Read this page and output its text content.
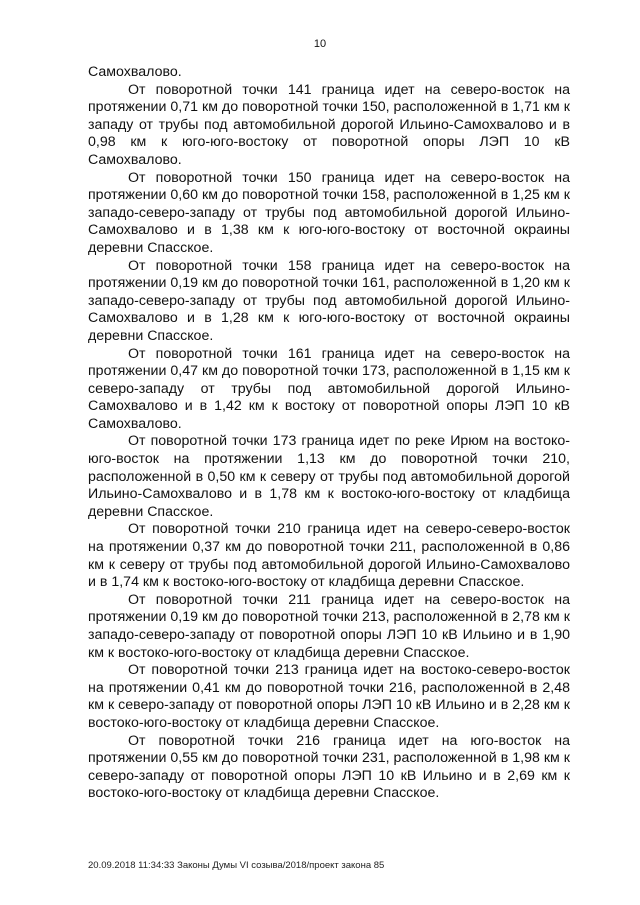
10

Самохвалово.

От поворотной точки 141 граница идет на северо-восток на протяжении 0,71 км до поворотной точки 150, расположенной в 1,71 км к западу от трубы под автомобильной дорогой Ильино-Самохвалово и в 0,98 км к юго-юго-востоку от поворотной опоры ЛЭП 10 кВ Самохвалово.

От поворотной точки 150 граница идет на северо-восток на протяжении 0,60 км до поворотной точки 158, расположенной в 1,25 км к западо-северо-западу от трубы под автомобильной дорогой Ильино-Самохвалово и в 1,38 км к юго-юго-востоку от восточной окраины деревни Спасское.

От поворотной точки 158 граница идет на северо-восток на протяжении 0,19 км до поворотной точки 161, расположенной в 1,20 км к западо-северо-западу от трубы под автомобильной дорогой Ильино-Самохвалово и в 1,28 км к юго-юго-востоку от восточной окраины деревни Спасское.

От поворотной точки 161 граница идет на северо-восток на протяжении 0,47 км до поворотной точки 173, расположенной в 1,15 км к северо-западу от трубы под автомобильной дорогой Ильино-Самохвалово и в 1,42 км к востоку от поворотной опоры ЛЭП 10 кВ Самохвалово.

От поворотной точки 173 граница идет по реке Ирюм на востоко-юго-восток на протяжении 1,13 км до поворотной точки 210, расположенной в 0,50 км к северу от трубы под автомобильной дорогой Ильино-Самохвалово и в 1,78 км к востоко-юго-востоку от кладбища деревни Спасское.

От поворотной точки 210 граница идет на северо-северо-восток на протяжении 0,37 км до поворотной точки 211, расположенной в 0,86 км к северу от трубы под автомобильной дорогой Ильино-Самохвалово и в 1,74 км к востоко-юго-востоку от кладбища деревни Спасское.

От поворотной точки 211 граница идет на северо-восток на протяжении 0,19 км до поворотной точки 213, расположенной в 2,78 км к западо-северо-западу от поворотной опоры ЛЭП 10 кВ Ильино и в 1,90 км к востоко-юго-востоку от кладбища деревни Спасское.

От поворотной точки 213 граница идет на востоко-северо-восток на протяжении 0,41 км до поворотной точки 216, расположенной в 2,48 км к северо-западу от поворотной опоры ЛЭП 10 кВ Ильино и в 2,28 км к востоко-юго-востоку от кладбища деревни Спасское.

От поворотной точки 216 граница идет на юго-восток на протяжении 0,55 км до поворотной точки 231, расположенной в 1,98 км к северо-западу от поворотной опоры ЛЭП 10 кВ Ильино и в 2,69 км к востоко-юго-востоку от кладбища деревни Спасское.

20.09.2018 11:34:33 Законы Думы VI созыва/2018/проект закона 85
